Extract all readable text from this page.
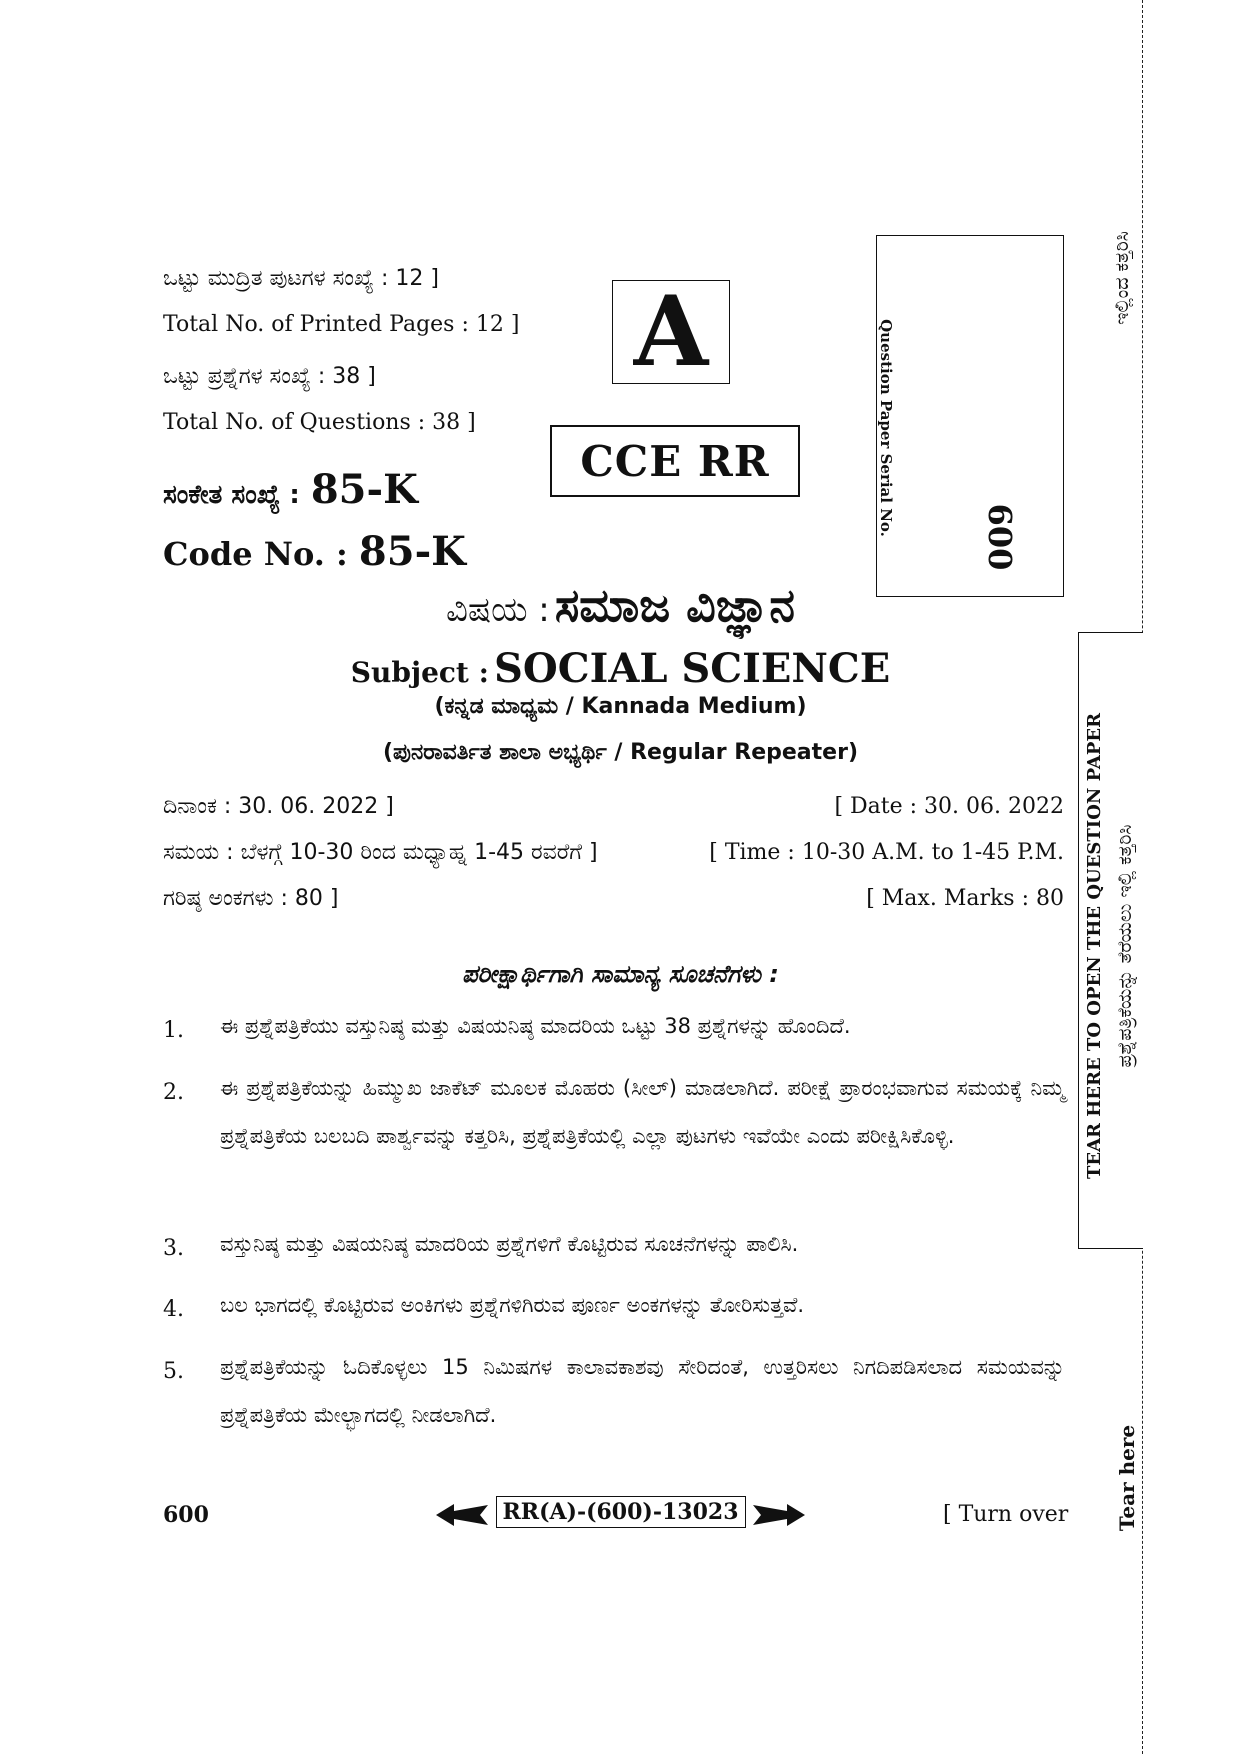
ಒಟ್ಟು ಮುದ್ರಿತ ಪುಟಗಳ ಸಂಖ್ಯೆ : 12 ]
Total No. of Printed Pages : 12 ]
ಒಟ್ಟು ಪ್ರಶ್ನೆಗಳ ಸಂಖ್ಯೆ : 38 ]
Total No. of Questions : 38 ]
ಸಂಕೇತ ಸಂಖ್ಯೆ : 85-K
Code No. : 85-K
A
CCE RR	Question Paper Serial No.
600
ವಿಷಯ : ಸಮಾಜ ವಿಜ್ಞಾನ
Subject : SOCIAL SCIENCE
(ಕನ್ನಡ ಮಾಧ್ಯಮ / Kannada Medium)
(ಪುನರಾವರ್ತಿತ ಶಾಲಾ ಅಭ್ಯರ್ಥಿ / Regular Repeater)
ದಿನಾಂಕ : 30. 06. 2022 ]	[ Date : 30. 06. 2022
ಸಮಯ : ಬೆಳಗ್ಗೆ 10-30 ರಿಂದ ಮಧ್ಯಾಹ್ನ 1-45 ರವರೆಗೆ ]	[ Time : 10-30 A.M. to 1-45 P.M.
ಗರಿಷ್ಠ ಅಂಕಗಳು : 80 ]	[ Max. Marks : 80
ಪರೀಕ್ಷಾರ್ಥಿಗಾಗಿ ಸಾಮಾನ್ಯ ಸೂಚನೆಗಳು :
1. ಈ ಪ್ರಶ್ನೆಪತ್ರಿಕೆಯು ವಸ್ತುನಿಷ್ಠ ಮತ್ತು ವಿಷಯನಿಷ್ಠ ಮಾದರಿಯ ಒಟ್ಟು 38 ಪ್ರಶ್ನೆಗಳನ್ನು ಹೊಂದಿದೆ.
2. ಈ ಪ್ರಶ್ನೆಪತ್ರಿಕೆಯನ್ನು ಹಿಮ್ಮುಖ ಜಾಕೆಟ್ ಮೂಲಕ ಮೊಹರು (ಸೀಲ್) ಮಾಡಲಾಗಿದೆ. ಪರೀಕ್ಷೆ ಪ್ರಾರಂಭವಾಗುವ ಸಮಯಕ್ಕೆ ನಿಮ್ಮ ಪ್ರಶ್ನೆಪತ್ರಿಕೆಯ ಬಲಬದಿ ಪಾರ್ಶ್ವವನ್ನು ಕತ್ತರಿಸಿ, ಪ್ರಶ್ನೆಪತ್ರಿಕೆಯಲ್ಲಿ ಎಲ್ಲಾ ಪುಟಗಳು ಇವೆಯೇ ಎಂದು ಪರೀಕ್ಷಿಸಿಕೊಳ್ಳಿ.
3. ವಸ್ತುನಿಷ್ಠ ಮತ್ತು ವಿಷಯನಿಷ್ಠ ಮಾದರಿಯ ಪ್ರಶ್ನೆಗಳಿಗೆ ಕೊಟ್ಟಿರುವ ಸೂಚನೆಗಳನ್ನು ಪಾಲಿಸಿ.
4. ಬಲ ಭಾಗದಲ್ಲಿ ಕೊಟ್ಟಿರುವ ಅಂಕಿಗಳು ಪ್ರಶ್ನೆಗಳಿಗಿರುವ ಪೂರ್ಣ ಅಂಕಗಳನ್ನು ತೋರಿಸುತ್ತವೆ.
5. ಪ್ರಶ್ನೆಪತ್ರಿಕೆಯನ್ನು ಓದಿಕೊಳ್ಳಲು 15 ನಿಮಿಷಗಳ ಕಾಲಾವಕಾಶವು ಸೇರಿದಂತೆ, ಉತ್ತರಿಸಲು ನಿಗದಿಪಡಿಸಲಾದ ಸಮಯವನ್ನು ಪ್ರಶ್ನೆಪತ್ರಿಕೆಯ ಮೇಲ್ಭಾಗದಲ್ಲಿ ನೀಡಲಾಗಿದೆ.
600	RR(A)-(600)-13023	[ Turn over
ಇಲ್ಲಿಂದ ಕತ್ತರಿಸಿ
TEAR HERE TO OPEN THE QUESTION PAPER ಪ್ರಶ್ನೆಪತ್ರಿಕೆಯನ್ನು ತೆರೆಯಲು ಇಲ್ಲಿ ಕತ್ತರಿಸಿ
Tear here
